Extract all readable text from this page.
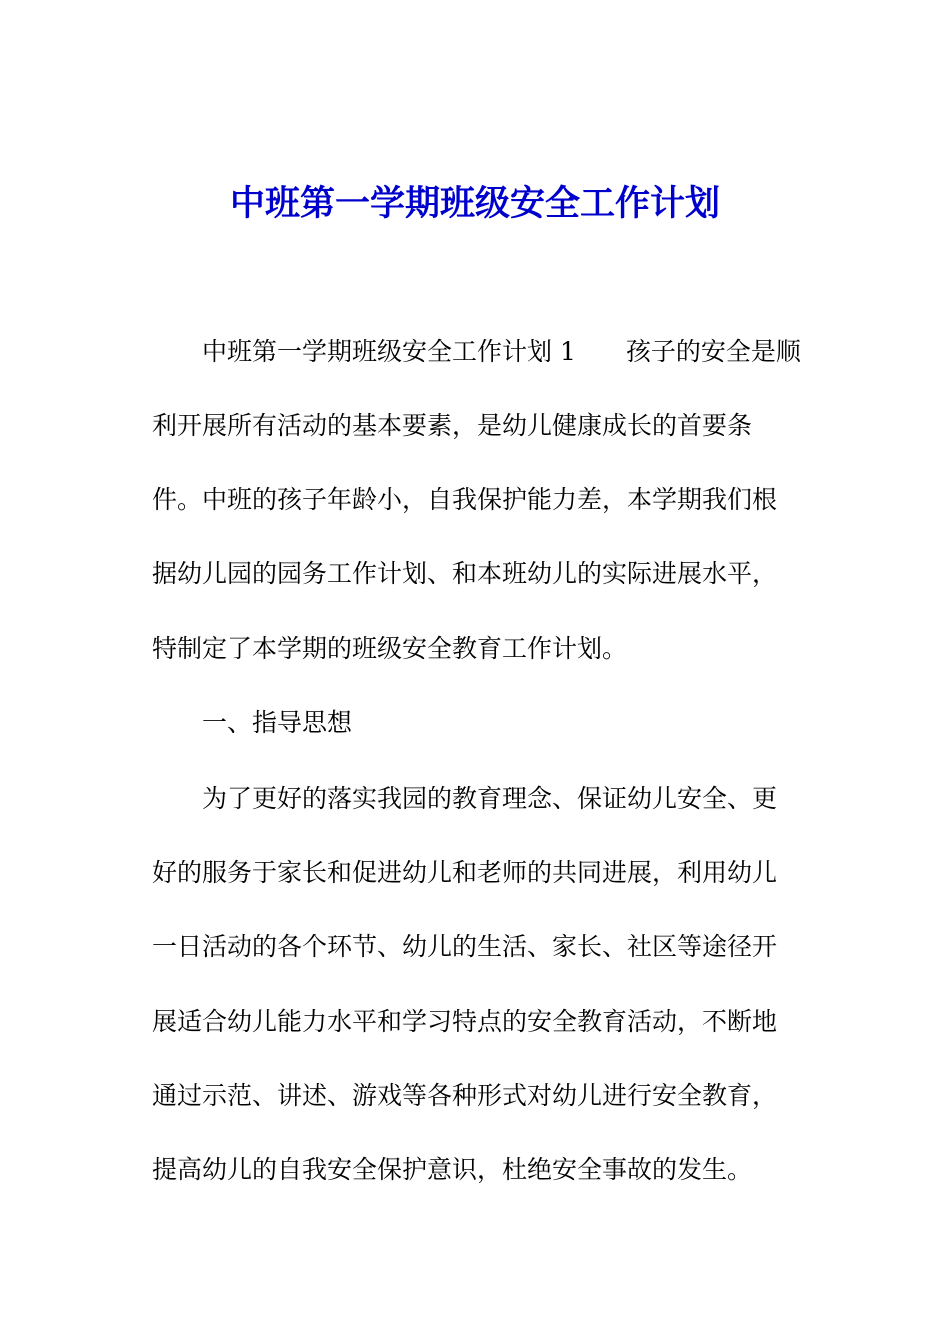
中班第一学期班级安全工作计划

中班第一学期班级安全工作计划 1　　孩子的安全是顺

利开展所有活动的基本要素，是幼儿健康成长的首要条

件。中班的孩子年龄小，自我保护能力差，本学期我们根

据幼儿园的园务工作计划、和本班幼儿的实际进展水平，

特制定了本学期的班级安全教育工作计划。

一、指导思想

为了更好的落实我园的教育理念、保证幼儿安全、更

好的服务于家长和促进幼儿和老师的共同进展，利用幼儿

一日活动的各个环节、幼儿的生活、家长、社区等途径开

展适合幼儿能力水平和学习特点的安全教育活动，不断地

通过示范、讲述、游戏等各种形式对幼儿进行安全教育，

提高幼儿的自我安全保护意识，杜绝安全事故的发生。
